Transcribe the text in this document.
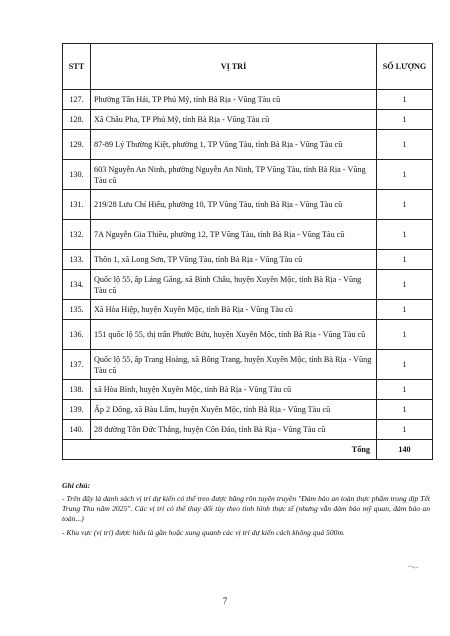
STT	VỊ TRÍ	SỐ LƯỢNG
127.	Phường Tân Hải, TP Phú Mỹ, tỉnh Bà Rịa - Vũng Tàu cũ	1
128.	Xã Châu Pha, TP Phú Mỹ, tỉnh Bà Rịa - Vũng Tàu cũ	1
129.	87-89 Lý Thường Kiệt, phường 1, TP Vũng Tàu, tỉnh Bà Rịa - Vũng Tàu cũ	1
130.	603 Nguyễn An Ninh, phường Nguyễn An Ninh, TP Vũng Tàu, tỉnh Bà Rịa - Vũng Tàu cũ	1
131.	219/28 Lưu Chí Hiếu, phường 10, TP Vũng Tàu, tỉnh Bà Rịa - Vũng Tàu cũ	1
132.	7A Nguyễn Gia Thiều, phường 12, TP Vũng Tàu, tỉnh Bà Rịa - Vũng Tàu cũ	1
133.	Thôn 1, xã Long Sơn, TP Vũng Tàu, tỉnh Bà Rịa - Vũng Tàu cũ	1
134.	Quốc lộ 55, ấp Láng Găng, xã Bình Châu, huyện Xuyên Mộc, tỉnh Bà Rịa - Vũng Tàu cũ	1
135.	Xã Hòa Hiệp, huyện Xuyên Mộc, tỉnh Bà Rịa - Vũng Tàu cũ	1
136.	151 quốc lộ 55, thị trấn Phước Bửu, huyện Xuyên Mộc, tỉnh Bà Rịa - Vũng Tàu cũ	1
137.	Quốc lộ 55, ấp Trang Hoàng, xã Bông Trang, huyện Xuyên Mộc, tỉnh Bà Rịa - Vũng Tàu cũ	1
138.	xã Hòa Bình, huyện Xuyên Mộc, tỉnh Bà Rịa - Vũng Tàu cũ	1
139.	Ấp 2 Đông, xã Bàu Lâm, huyện Xuyên Mộc, tỉnh Bà Rịa - Vũng Tàu cũ	1
140.	28 đường Tôn Đức Thắng, huyện Côn Đảo, tỉnh Bà Rịa - Vũng Tàu cũ	1
Tổng		140
Ghi chú:

- Trên đây là danh sách vị trí dự kiến có thể treo được băng rôn tuyên truyền "Đảm bảo an toàn thực phẩm trong dịp Tết Trung Thu năm 2025". Các vị trí có thể thay đổi tùy theo tình hình thực tế (nhưng vẫn đảm bảo mỹ quan, đảm bảo an toàn...)

- Khu vực (vị trí) được hiểu là gần hoặc xung quanh các vị trí dự kiến cách không quá 500m.

7
